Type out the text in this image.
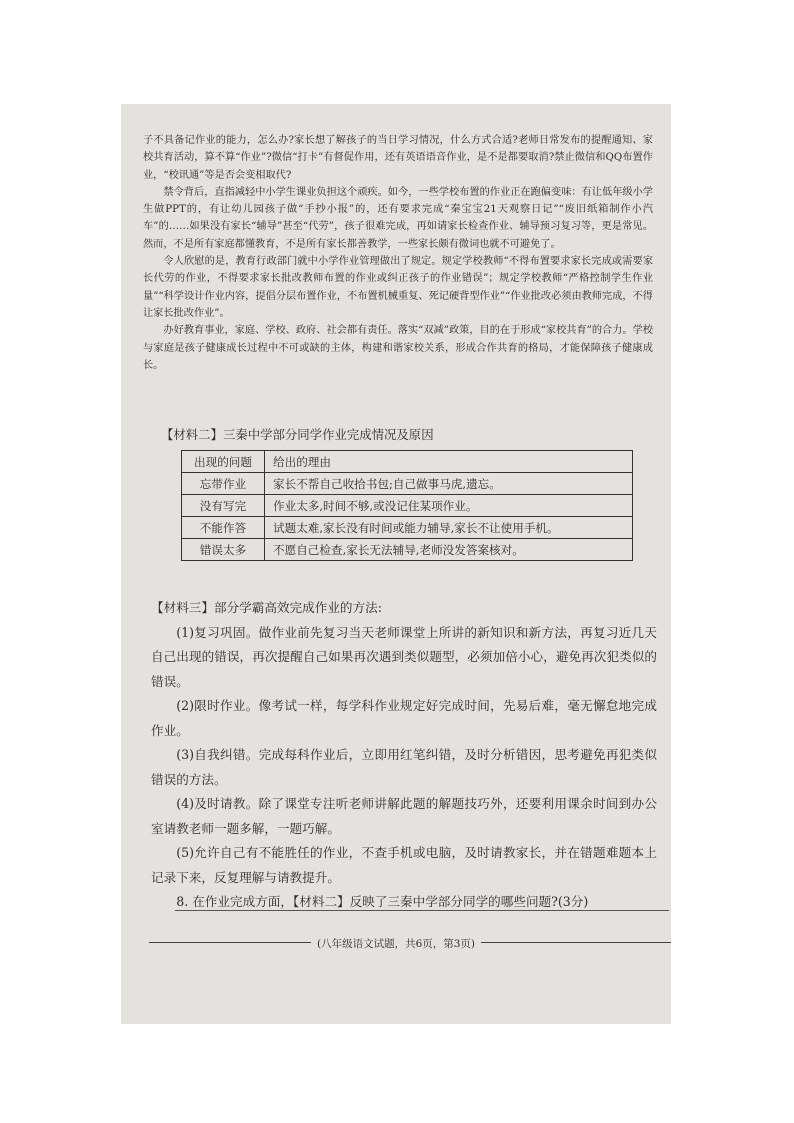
子不具备记作业的能力，怎么办?家长想了解孩子的当日学习情况，什么方式合适?老师日常发布的提醒通知、家校共育活动，算不算“作业”?微信“打卡”有督促作用，还有英语语音作业，是不是都要取消?禁止微信和QQ布置作业，“校讯通”等是否会变相取代?

禁令背后，直指减轻中小学生课业负担这个顽疾。如今，一些学校布置的作业正在跑偏变味：有让低年级小学生做PPT的，有让幼儿园孩子做“手抄小报”的，还有要求完成“秦宝宝21天观察日记”“废旧纸箱制作小汽车”的……如果没有家长“辅导”甚至“代劳”，孩子很难完成，再如请家长检查作业、辅导预习复习等，更是常见。然而，不是所有家庭都懂教育，不是所有家长都善教学，一些家长颇有微词也就不可避免了。

令人欣慰的是，教育行政部门就中小学作业管理做出了规定。规定学校教师“不得布置要求家长完成或需要家长代劳的作业，不得要求家长批改教师布置的作业或纠正孩子的作业错误”；规定学校教师“严格控制学生作业量”“科学设计作业内容，提倡分层布置作业，不布置机械重复、死记硬背型作业”“作业批改必须由教师完成，不得让家长批改作业”。

办好教育事业，家庭、学校、政府、社会都有责任。落实“双减”政策，目的在于形成“家校共育”的合力。学校与家庭是孩子健康成长过程中不可或缺的主体，构建和谐家校关系，形成合作共育的格局，才能保障孩子健康成长。

【材料二】三秦中学部分同学作业完成情况及原因

出现的问题	给出的理由
忘带作业	家长不帮自己收拾书包;自己做事马虎,遗忘。
没有写完	作业太多,时间不够,或没记住某项作业。
不能作答	试题太难,家长没有时间或能力辅导,家长不让使用手机。
错误太多	不愿自己检查,家长无法辅导,老师没发答案核对。

【材料三】部分学霸高效完成作业的方法:

(1)复习巩固。做作业前先复习当天老师课堂上所讲的新知识和新方法，再复习近几天自己出现的错误，再次提醒自己如果再次遇到类似题型，必须加倍小心，避免再次犯类似的错误。

(2)限时作业。像考试一样，每学科作业规定好完成时间，先易后难，毫无懈怠地完成作业。

(3)自我纠错。完成每科作业后，立即用红笔纠错，及时分析错因，思考避免再犯类似错误的方法。

(4)及时请教。除了课堂专注听老师讲解此题的解题技巧外，还要利用课余时间到办公室请教老师一题多解，一题巧解。

(5)允许自己有不能胜任的作业，不查手机或电脑，及时请教家长，并在错题难题本上记录下来，反复理解与请教提升。

8. 在作业完成方面，【材料二】反映了三秦中学部分同学的哪些问题?(3分)

(八年级语文试题，共6页，第3页)
